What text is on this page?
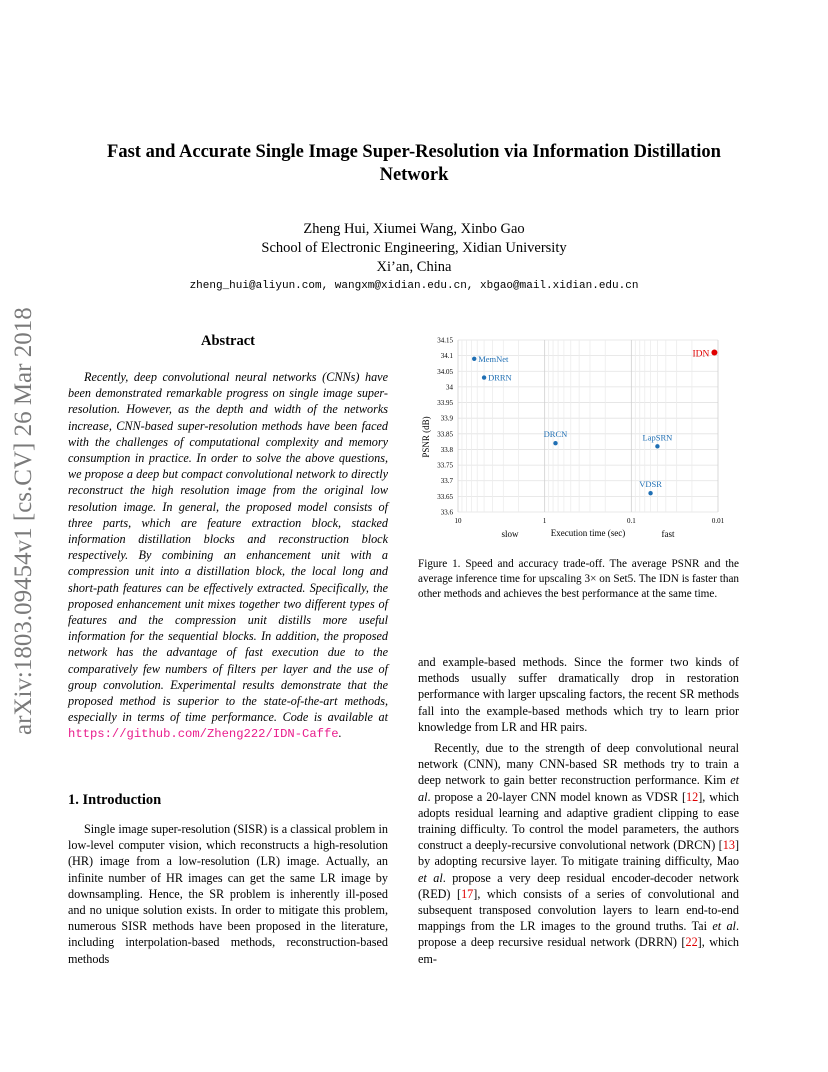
arXiv:1803.09454v1 [cs.CV] 26 Mar 2018
Fast and Accurate Single Image Super-Resolution via Information Distillation
Network
Zheng Hui, Xiumei Wang, Xinbo Gao
School of Electronic Engineering, Xidian University
Xi’an, China
zheng_hui@aliyun.com, wangxm@xidian.edu.cn, xbgao@mail.xidian.edu.cn
Abstract
Recently, deep convolutional neural networks (CNNs) have been demonstrated remarkable progress on single image super-resolution. However, as the depth and width of the networks increase, CNN-based super-resolution methods have been faced with the challenges of computational complexity and memory consumption in practice. In order to solve the above questions, we propose a deep but compact convolutional network to directly reconstruct the high resolution image from the original low resolution image. In general, the proposed model consists of three parts, which are feature extraction block, stacked information distillation blocks and reconstruction block respectively. By combining an enhancement unit with a compression unit into a distillation block, the local long and short-path features can be effectively extracted. Specifically, the proposed enhancement unit mixes together two different types of features and the compression unit distills more useful information for the sequential blocks. In addition, the proposed network has the advantage of fast execution due to the comparatively few numbers of filters per layer and the use of group convolution. Experimental results demonstrate that the proposed method is superior to the state-of-the-art methods, especially in terms of time performance. Code is available at https://github.com/Zheng222/IDN-Caffe.
1. Introduction
Single image super-resolution (SISR) is a classical problem in low-level computer vision, which reconstructs a high-resolution (HR) image from a low-resolution (LR) image. Actually, an infinite number of HR images can get the same LR image by downsampling. Hence, the SR problem is inherently ill-posed and no unique solution exists. In order to mitigate this problem, numerous SISR methods have been proposed in the literature, including interpolation-based methods, reconstruction-based methods
34.15
34.1
34.05
34
33.95
33.9
33.85
33.8
33.75
33.7
33.65
33.6
10	1	0.1	0.01
MemNet
DRRN
DRCN	LapSRN
VDSR
IDN
PSNR (dB)
Execution time (sec)
slow	fast
Figure 1. Speed and accuracy trade-off. The average PSNR and the average inference time for upscaling 3× on Set5. The IDN is faster than other methods and achieves the best performance at the same time.
and example-based methods. Since the former two kinds of methods usually suffer dramatically drop in restoration performance with larger upscaling factors, the recent SR methods fall into the example-based methods which try to learn prior knowledge from LR and HR pairs.
Recently, due to the strength of deep convolutional neural network (CNN), many CNN-based SR methods try to train a deep network to gain better reconstruction performance. Kim et al. propose a 20-layer CNN model known as VDSR [12], which adopts residual learning and adaptive gradient clipping to ease training difficulty. To control the model parameters, the authors construct a deeply-recursive convolutional network (DRCN) [13] by adopting recursive layer. To mitigate training difficulty, Mao et al. propose a very deep residual encoder-decoder network (RED) [17], which consists of a series of convolutional and subsequent transposed convolution layers to learn end-to-end mappings from the LR images to the ground truths. Tai et al. propose a deep recursive residual network (DRRN) [22], which em-
